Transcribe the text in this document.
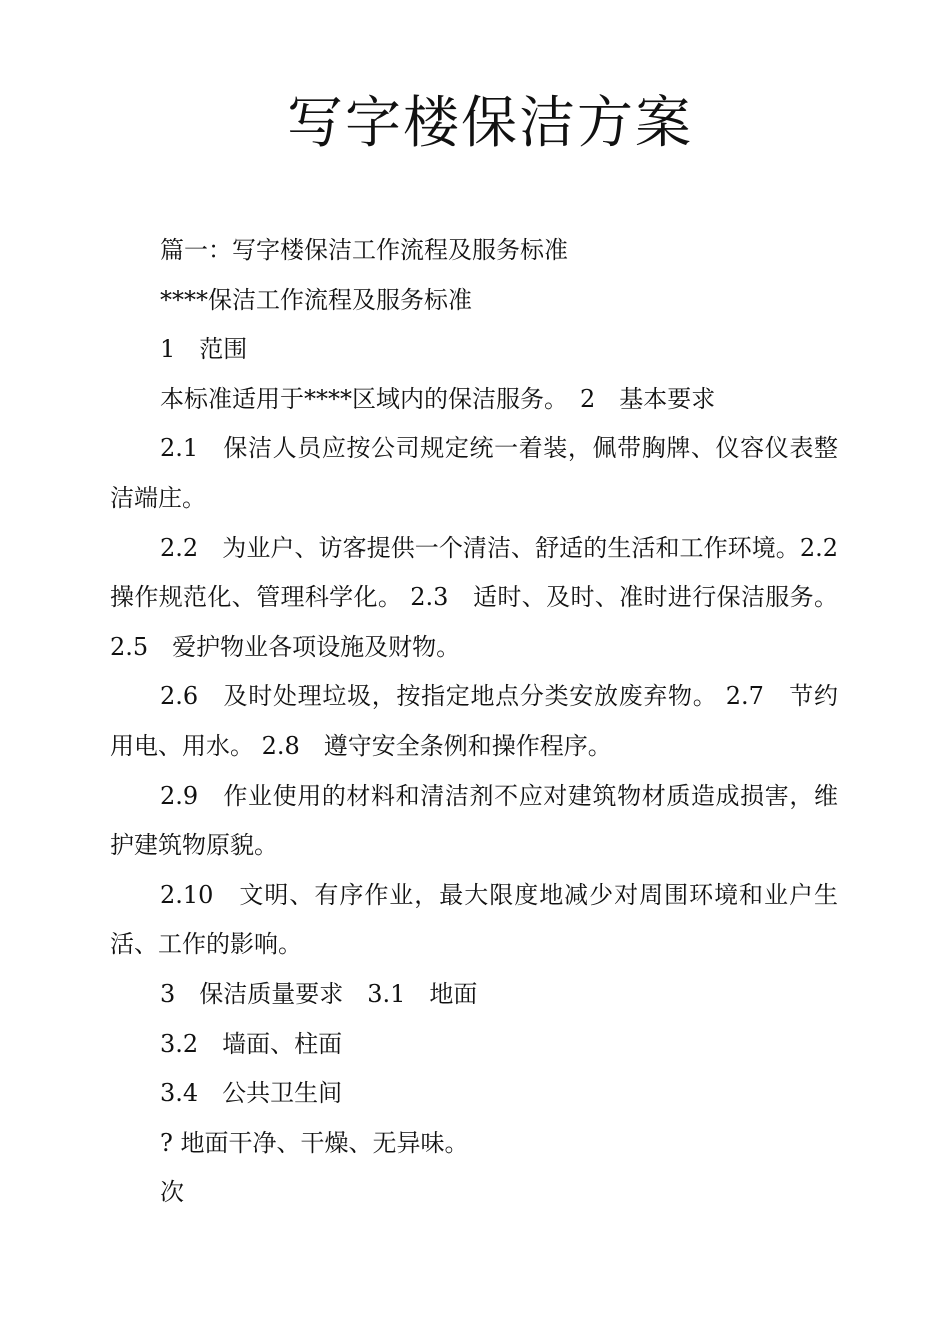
写字楼保洁方案

篇一：写字楼保洁工作流程及服务标准

****保洁工作流程及服务标准

1　范围

本标准适用于****区域内的保洁服务。　2　基本要求

2.1　保洁人员应按公司规定统一着装，佩带胸牌、仪容仪表整洁端庄。

2.2　为业户、访客提供一个清洁、舒适的生活和工作环境。2.2　操作规范化、管理科学化。 2.3　适时、及时、准时进行保洁服务。 2.5　爱护物业各项设施及财物。

2.6　及时处理垃圾，按指定地点分类安放废弃物。 2.7　节约用电、用水。 2.8　遵守安全条例和操作程序。

2.9　作业使用的材料和清洁剂不应对建筑物材质造成损害，维护建筑物原貌。

2.10　文明、有序作业，最大限度地减少对周围环境和业户生活、工作的影响。

3　保洁质量要求　3.1　地面

3.2　墙面、柱面

3.4　公共卫生间

? 地面干净、干燥、无异味。

次
